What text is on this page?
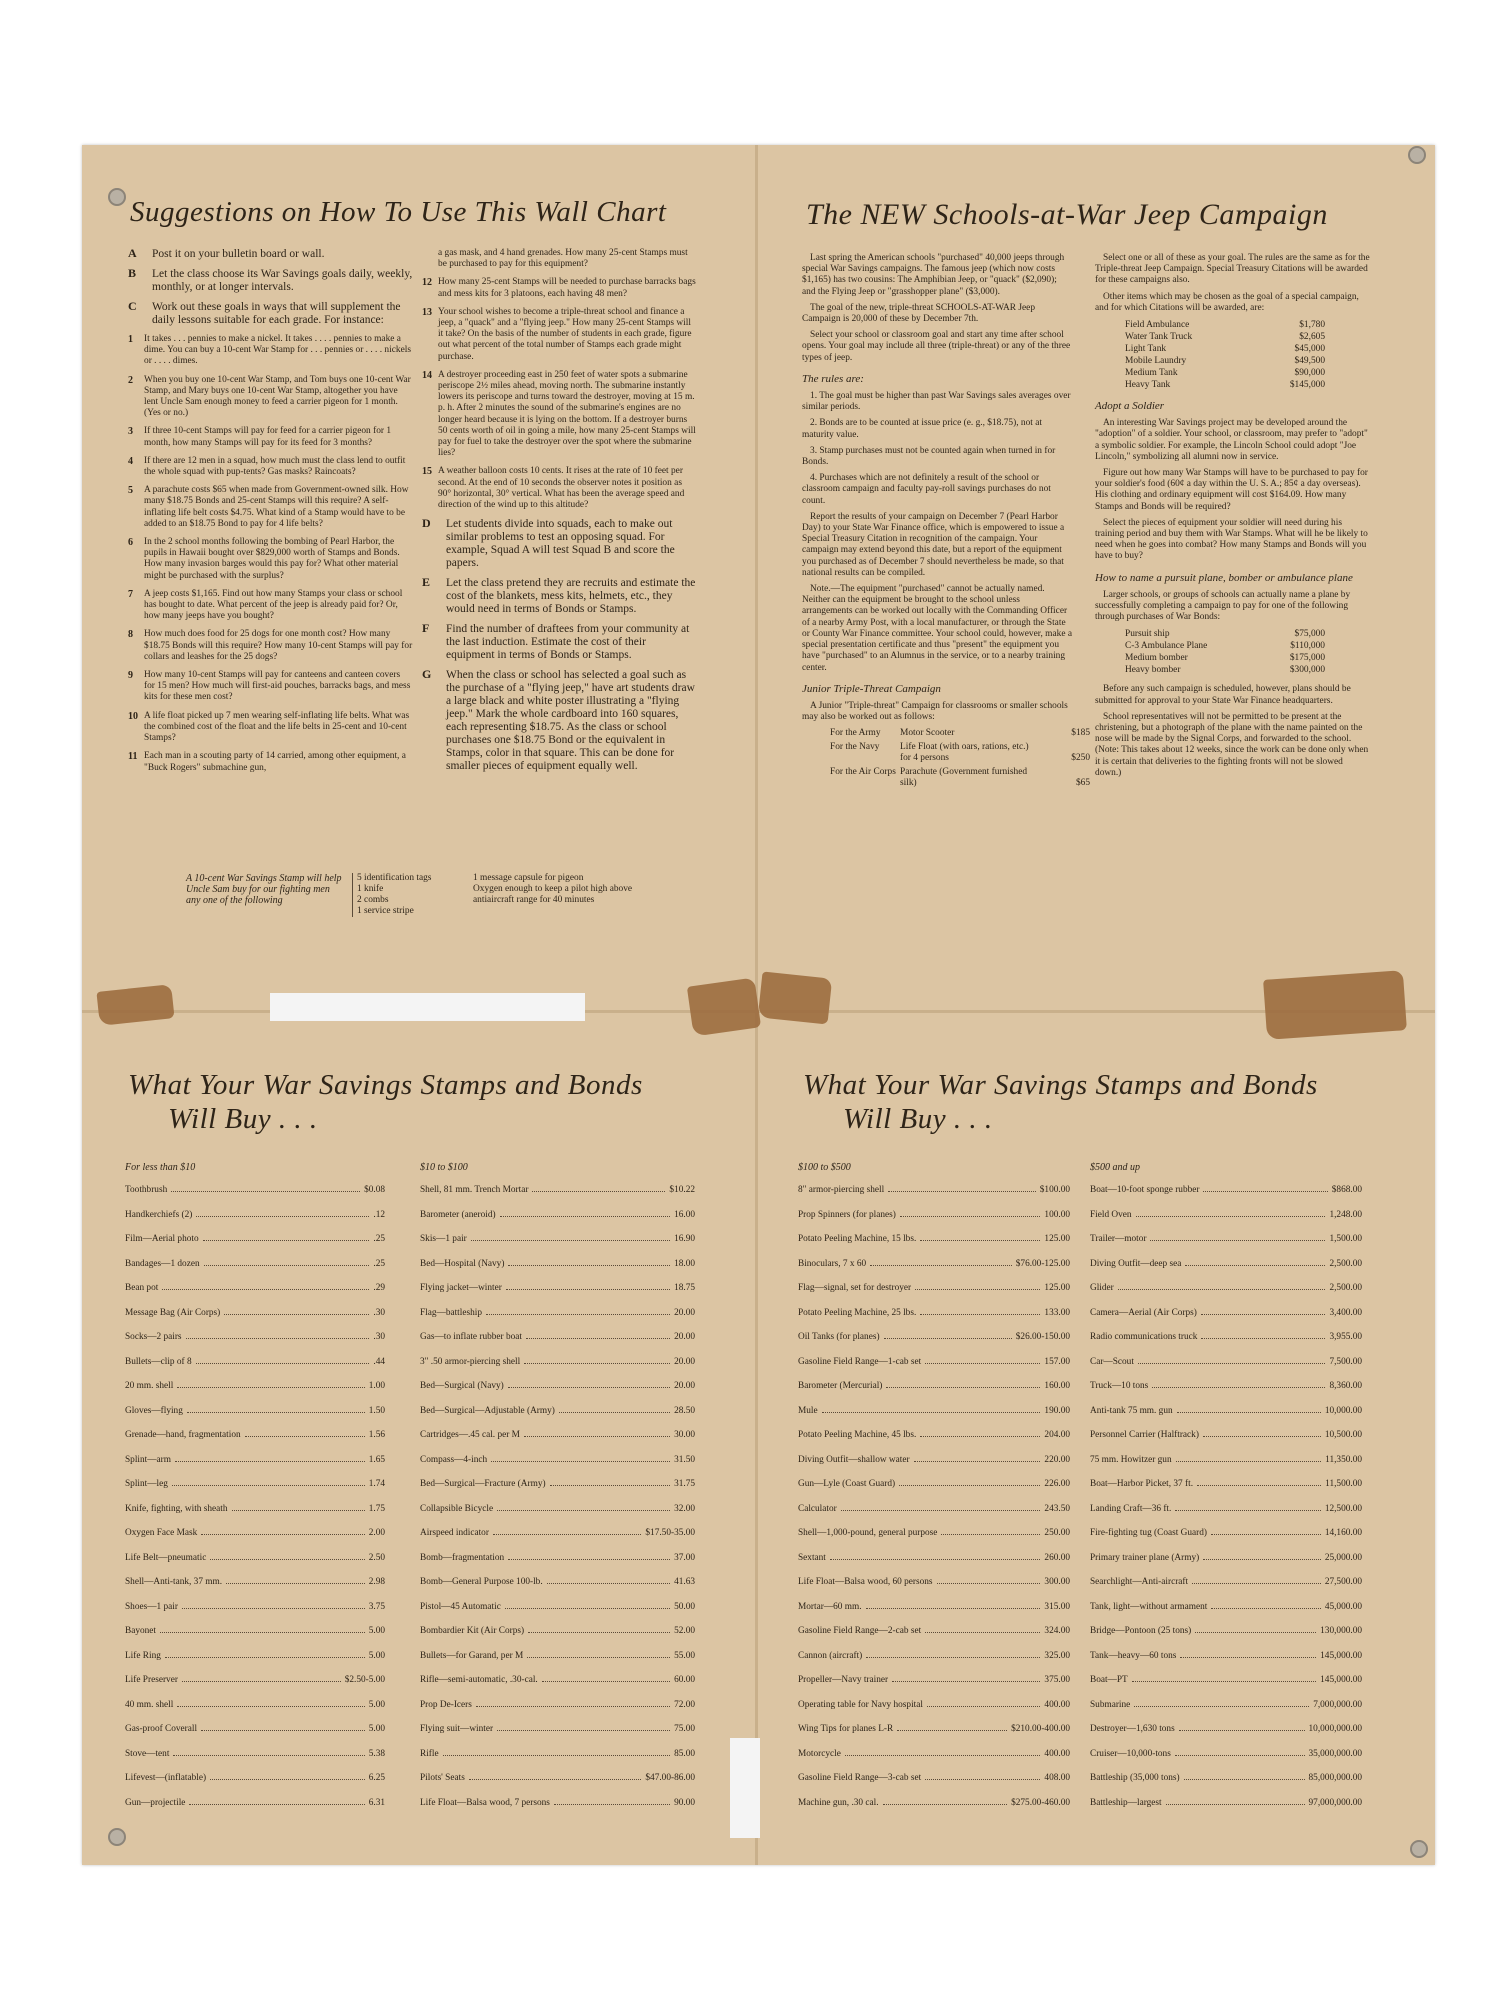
Suggestions on How To Use This Wall Chart
A	Post it on your bulletin board or wall.
B	Let the class choose its War Savings goals daily, weekly, monthly, or at longer intervals.
C	Work out these goals in ways that will supplement the daily lessons suitable for each grade. For instance:
1	It takes . . . pennies to make a nickel. It takes . . . . pennies to make a dime. You can buy a 10-cent War Stamp for . . . pennies or . . . . nickels or . . . . dimes.
2	When you buy one 10-cent War Stamp, and Tom buys one 10-cent War Stamp, and Mary buys one 10-cent War Stamp, altogether you have lent Uncle Sam enough money to feed a carrier pigeon for 1 month. (Yes or no.)
3	If three 10-cent Stamps will pay for feed for a carrier pigeon for 1 month, how many Stamps will pay for its feed for 3 months?
4	If there are 12 men in a squad, how much must the class lend to outfit the whole squad with pup-tents? Gas masks? Raincoats?
5	A parachute costs $65 when made from Government-owned silk. How many $18.75 Bonds and 25-cent Stamps will this require? A self-inflating life belt costs $4.75. What kind of a Stamp would have to be added to an $18.75 Bond to pay for 4 life belts?
6	In the 2 school months following the bombing of Pearl Harbor, the pupils in Hawaii bought over $829,000 worth of Stamps and Bonds. How many invasion barges would this pay for? What other material might be purchased with the surplus?
7	A jeep costs $1,165. Find out how many Stamps your class or school has bought to date. What percent of the jeep is already paid for? Or, how many jeeps have you bought?
8	How much does food for 25 dogs for one month cost? How many $18.75 Bonds will this require? How many 10-cent Stamps will pay for collars and leashes for the 25 dogs?
9	How many 10-cent Stamps will pay for canteens and canteen covers for 15 men? How much will first-aid pouches, barracks bags, and mess kits for these men cost?
10 A life float picked up 7 men wearing self-inflating life belts. What was the combined cost of the float and the life belts in 25-cent and 10-cent Stamps?
11 Each man in a scouting party of 14 carried, among other equipment, a "Buck Rogers" submachine gun,
a gas mask, and 4 hand grenades. How many 25-cent Stamps must be purchased to pay for this equipment?
12 How many 25-cent Stamps will be needed to purchase barracks bags and mess kits for 3 platoons, each having 48 men?
13 Your school wishes to become a triple-threat school and finance a jeep, a "quack" and a "flying jeep." How many 25-cent Stamps will it take? On the basis of the number of students in each grade, figure out what percent of the total number of Stamps each grade might purchase.
14 A destroyer proceeding east in 250 feet of water spots a submarine periscope 2½ miles ahead, moving north. The submarine instantly lowers its periscope and turns toward the destroyer, moving at 15 m. p. h. After 2 minutes the sound of the submarine's engines are no longer heard because it is lying on the bottom. If a destroyer burns 50 cents worth of oil in going a mile, how many 25-cent Stamps will pay for fuel to take the destroyer over the spot where the submarine lies?
15 A weather balloon costs 10 cents. It rises at the rate of 10 feet per second. At the end of 10 seconds the observer notes it position as 90° horizontal, 30° vertical. What has been the average speed and direction of the wind up to this altitude?
D	Let students divide into squads, each to make out similar problems to test an opposing squad. For example, Squad A will test Squad B and score the papers.
E	Let the class pretend they are recruits and estimate the cost of the blankets, mess kits, helmets, etc., they would need in terms of Bonds or Stamps.
F	Find the number of draftees from your community at the last induction. Estimate the cost of their equipment in terms of Bonds or Stamps.
G	When the class or school has selected a goal such as the purchase of a "flying jeep," have art students draw a large black and white poster illustrating a "flying jeep." Mark the whole cardboard into 160 squares, each representing $18.75. As the class or school purchases one $18.75 Bond or the equivalent in Stamps, color in that square. This can be done for smaller pieces of equipment equally well.
A 10-cent War Savings Stamp will help Uncle Sam buy for our fighting men any one of the following
5 identification tags
1 knife
2 combs
1 service stripe
1 message capsule for pigeon
Oxygen enough to keep a pilot high above antiaircraft range for 40 minutes
The NEW Schools-at-War Jeep Campaign

Last spring the American schools "purchased" 40,000 jeeps through special War Savings campaigns. The famous jeep (which now costs $1,165) has two cousins: The Amphibian Jeep, or "quack" ($2,090); and the Flying Jeep or "grasshopper plane" ($3,000).

The goal of the new, triple-threat SCHOOLS-AT-WAR Jeep Campaign is 20,000 of these by December 7th.

Select your school or classroom goal and start any time after school opens. Your goal may include all three (triple-threat) or any of the three types of jeep.

The rules are:

1. The goal must be higher than past War Savings sales averages over similar periods.

2. Bonds are to be counted at issue price (e. g., $18.75), not at maturity value.

3. Stamp purchases must not be counted again when turned in for Bonds.

4. Purchases which are not definitely a result of the school or classroom campaign and faculty pay-roll savings purchases do not count.

Report the results of your campaign on December 7 (Pearl Harbor Day) to your State War Finance office, which is empowered to issue a Special Treasury Citation in recognition of the campaign. Your campaign may extend beyond this date, but a report of the equipment you purchased as of December 7 should nevertheless be made, so that national results can be compiled.

Note.—The equipment "purchased" cannot be actually named. Neither can the equipment be brought to the school unless arrangements can be worked out locally with the Commanding Officer of a nearby Army Post, with a local manufacturer, or through the State or County War Finance committee. Your school could, however, make a special presentation certificate and thus "present" the equipment you have "purchased" to an Alumnus in the service, or to a nearby training center.

Junior Triple-Threat Campaign

A Junior "Triple-threat" Campaign for classrooms or smaller schools may also be worked out as follows:

For the Army	Motor Scooter	$185
For the Navy	Life Float (with oars, rations, etc.) for 4 persons	$250
For the Air Corps Parachute (Government furnished silk)	$65

Select one or all of these as your goal. The rules are the same as for the Triple-threat Jeep Campaign. Special Treasury Citations will be awarded for these campaigns also.

Other items which may be chosen as the goal of a special campaign, and for which Citations will be awarded, are:

Field Ambulance	$1,780
Water Tank Truck	$2,605
Light Tank	$45,000
Mobile Laundry	$49,500
Medium Tank	$90,000
Heavy Tank	$145,000
Adopt a Soldier

An interesting War Savings project may be developed around the "adoption" of a soldier. Your school, or classroom, may prefer to "adopt" a symbolic soldier. For example, the Lincoln School could adopt "Joe Lincoln," symbolizing all alumni now in service.

Figure out how many War Stamps will have to be purchased to pay for your soldier's food (60¢ a day within the U. S. A.; 85¢ a day overseas). His clothing and ordinary equipment will cost $164.09. How many Stamps and Bonds will be required?

Select the pieces of equipment your soldier will need during his training period and buy them with War Stamps. What will he be likely to need when he goes into combat? How many Stamps and Bonds will you have to buy?

How to name a pursuit plane, bomber or ambulance plane

Larger schools, or groups of schools can actually name a plane by successfully completing a campaign to pay for one of the following through purchases of War Bonds:

Pursuit ship	$75,000
C-3 Ambulance Plane	$110,000
Medium bomber	$175,000
Heavy bomber	$300,000

Before any such campaign is scheduled, however, plans should be submitted for approval to your State War Finance headquarters.

School representatives will not be permitted to be present at the christening, but a photograph of the plane with the name painted on the nose will be made by the Signal Corps, and forwarded to the school. (Note: This takes about 12 weeks, since the work can be done only when it is certain that deliveries to the fighting fronts will not be slowed down.)

What Your War Savings Stamps and Bonds
Will Buy . . .
For less than $10
Toothbrush	$0.08
Handkerchiefs (2)	.12
Film—Aerial photo	.25
Bandages—1 dozen	.25
Bean pot	.29
Message Bag (Air Corps)	.30
Socks—2 pairs	.30
Bullets—clip of 8	.44
20 mm. shell	1.00
Gloves—flying	1.50
Grenade—hand, fragmentation	1.56
Splint—arm	1.65
Splint—leg	1.74
Knife, fighting, with sheath	1.75
Oxygen Face Mask	2.00
Life Belt—pneumatic	2.50
Shell—Anti-tank, 37 mm.	2.98
Shoes—1 pair	3.75
Bayonet	5.00
Life Ring	5.00
Life Preserver	$2.50-5.00
40 mm. shell	5.00
Gas-proof Coverall	5.00
Stove—tent	5.38
Lifevest—(inflatable)	6.25
Gun—projectile	6.31
$10 to $100
Shell, 81 mm. Trench Mortar	$10.22
Barometer (aneroid)	16.00
Skis—1 pair	16.90
Bed—Hospital (Navy)	18.00
Flying jacket—winter	18.75
Flag—battleship	20.00
Gas—to inflate rubber boat	20.00
3" .50 armor-piercing shell	20.00
Bed—Surgical (Navy)	20.00
Bed—Surgical—Adjustable (Army)	28.50
Cartridges—.45 cal. per M	30.00
Compass—4-inch	31.50
Bed—Surgical—Fracture (Army)	31.75
Collapsible Bicycle	32.00
Airspeed indicator	$17.50-35.00
Bomb—fragmentation	37.00
Bomb—General Purpose 100-lb.	41.63
Pistol—45 Automatic	50.00
Bombardier Kit (Air Corps)	52.00
Bullets—for Garand, per M	55.00
Rifle—semi-automatic, .30-cal.	60.00
Prop De-Icers	72.00
Flying suit—winter	75.00
Rifle	85.00
Pilots' Seats	$47.00-86.00
Life Float—Balsa wood, 7 persons	90.00
What Your War Savings Stamps and Bonds
Will Buy . . .
$100 to $500
8" armor-piercing shell	$100.00
Prop Spinners (for planes)	100.00
Potato Peeling Machine, 15 lbs.	125.00
Binoculars, 7 x 60	$76.00-125.00
Flag—signal, set for destroyer	125.00
Potato Peeling Machine, 25 lbs.	133.00
Oil Tanks (for planes)	$26.00-150.00
Gasoline Field Range—1-cab set	157.00
Barometer (Mercurial)	160.00
Mule	190.00
Potato Peeling Machine, 45 lbs.	204.00
Diving Outfit—shallow water	220.00
Gun—Lyle (Coast Guard)	226.00
Calculator	243.50
Shell—1,000-pound, general purpose	250.00
Sextant	260.00
Life Float—Balsa wood, 60 persons	300.00
Mortar—60 mm.	315.00
Gasoline Field Range—2-cab set	324.00
Cannon (aircraft)	325.00
Propeller—Navy trainer	375.00
Operating table for Navy hospital	400.00
Wing Tips for planes L-R	$210.00-400.00
Motorcycle	400.00
Gasoline Field Range—3-cab set	408.00
Machine gun, .30 cal.	$275.00-460.00
$500 and up
Boat—10-foot sponge rubber	$868.00
Field Oven	1,248.00
Trailer—motor	1,500.00
Diving Outfit—deep sea	2,500.00
Glider	2,500.00
Camera—Aerial (Air Corps)	3,400.00
Radio communications truck	3,955.00
Car—Scout	7,500.00
Truck—10 tons	8,360.00
Anti-tank 75 mm. gun	10,000.00
Personnel Carrier (Halftrack)	10,500.00
75 mm. Howitzer gun	11,350.00
Boat—Harbor Picket, 37 ft.	11,500.00
Landing Craft—36 ft.	12,500.00
Fire-fighting tug (Coast Guard)	14,160.00
Primary trainer plane (Army)	25,000.00
Searchlight—Anti-aircraft	27,500.00
Tank, light—without armament	45,000.00
Bridge—Pontoon (25 tons)	130,000.00
Tank—heavy—60 tons	145,000.00
Boat—PT	145,000.00
Submarine	7,000,000.00
Destroyer—1,630 tons	10,000,000.00
Cruiser—10,000-tons	35,000,000.00
Battleship (35,000 tons)	85,000,000.00
Battleship—largest	97,000,000.00
